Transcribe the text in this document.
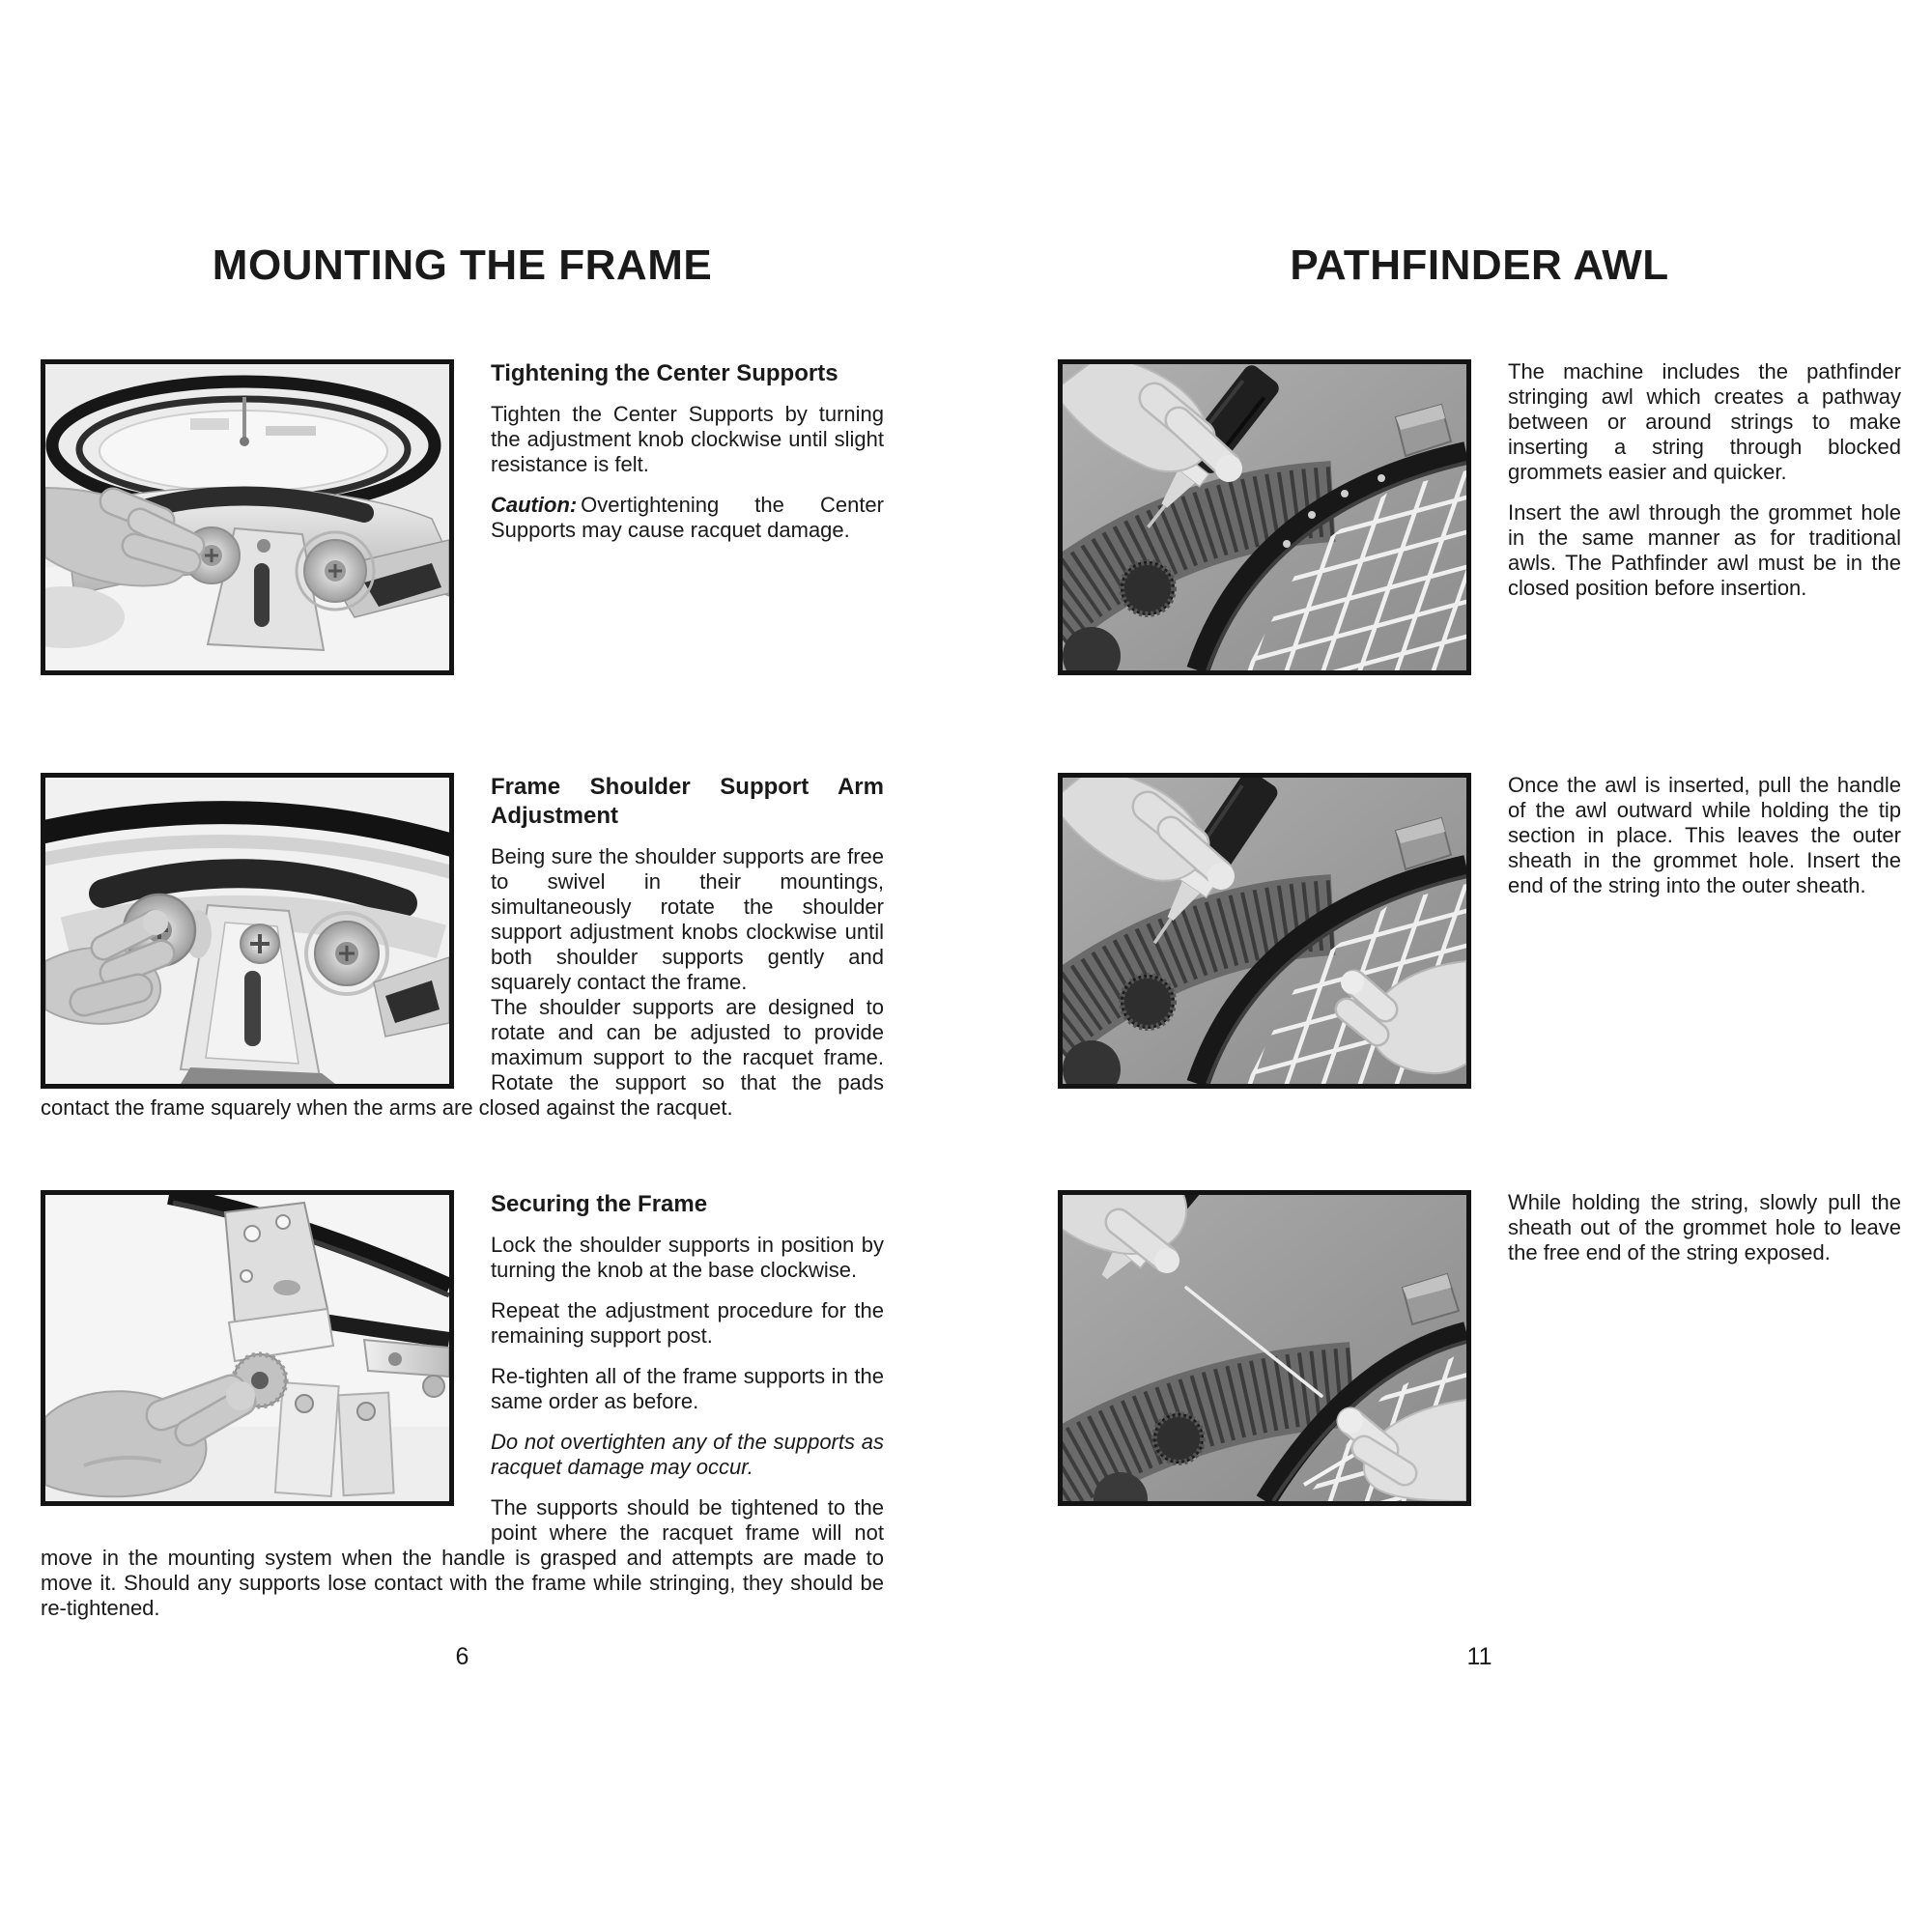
MOUNTING THE FRAME
Tightening the Center Supports

Tighten the Center Supports by turning the adjustment knob clockwise until slight resistance is felt.

Caution: Overtightening the Center Supports may cause racquet damage.

Frame Shoulder Support Arm Adjustment

Being sure the shoulder supports are free to swivel in their mountings, simultaneously rotate the shoulder support adjustment knobs clockwise until both shoulder supports gently and squarely contact the frame.

The shoulder supports are designed to rotate and can be adjusted to provide maximum support to the racquet frame. Rotate the support so that the pads contact the frame squarely when the arms are closed against the racquet.

Securing the Frame

Lock the shoulder supports in position by turning the knob at the base clockwise.

Repeat the adjustment procedure for the remaining support post.

Re-tighten all of the frame supports in the same order as before.

Do not overtighten any of the supports as racquet damage may occur.

The supports should be tightened to the point where the racquet frame will not move in the mounting system when the handle is grasped and attempts are made to move it. Should any supports lose contact with the frame while stringing, they should be re-tightened.

6
PATHFINDER AWL

The machine includes the pathfinder stringing awl which creates a pathway between or around strings to make inserting a string through blocked grommets easier and quicker.

Insert the awl through the grommet hole in the same manner as for traditional awls. The Pathfinder awl must be in the closed position before insertion.

Once the awl is inserted, pull the handle of the awl outward while holding the tip section in place. This leaves the outer sheath in the grommet hole. Insert the end of the string into the outer sheath.

While holding the string, slowly pull the sheath out of the grommet hole to leave the free end of the string exposed.

11
